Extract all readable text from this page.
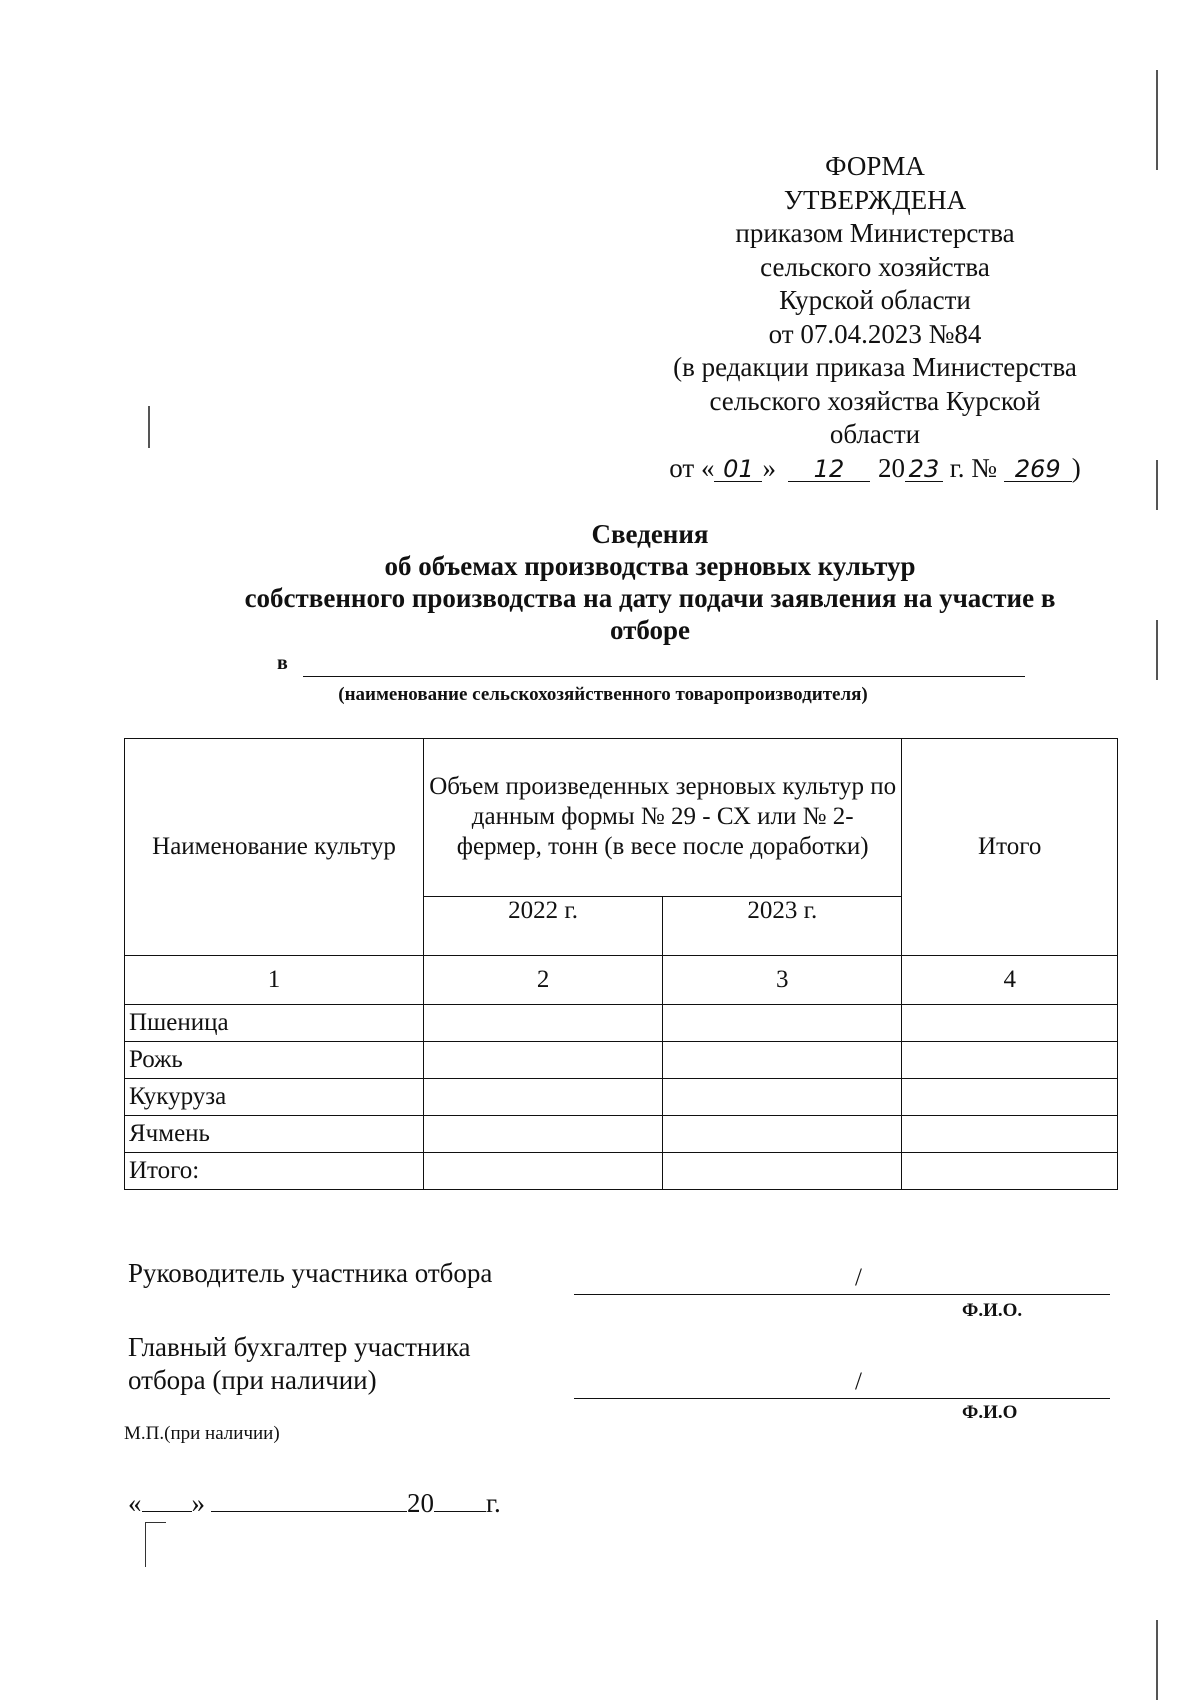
ФОРМА
УТВЕРЖДЕНА
приказом Министерства
сельского хозяйства
Курской области
от 07.04.2023 №84
(в редакции приказа Министерства
сельского хозяйства Курской
области
от « 01 » 12 20 23 г. № 269 )
Сведения
об объемах производства зерновых культур
собственного производства на дату подачи заявления на участие в
отборе
в
(наименование сельскохозяйственного товаропроизводителя)
Наименование культур	Объем произведенных зерновых культур по данным формы № 29 - СХ или № 2- фермер, тонн (в весе после доработки)		Итого
	2022 г.	2023 г.	
1	2	3	4
Пшеница			
Рожь			
Кукуруза			
Ячмень			
Итого:			
Руководитель участника отбора	/
Ф.И.О.
Главный бухгалтер участника
отбора (при наличии)	/
Ф.И.О
М.П.(при наличии)
« »	20 г.
